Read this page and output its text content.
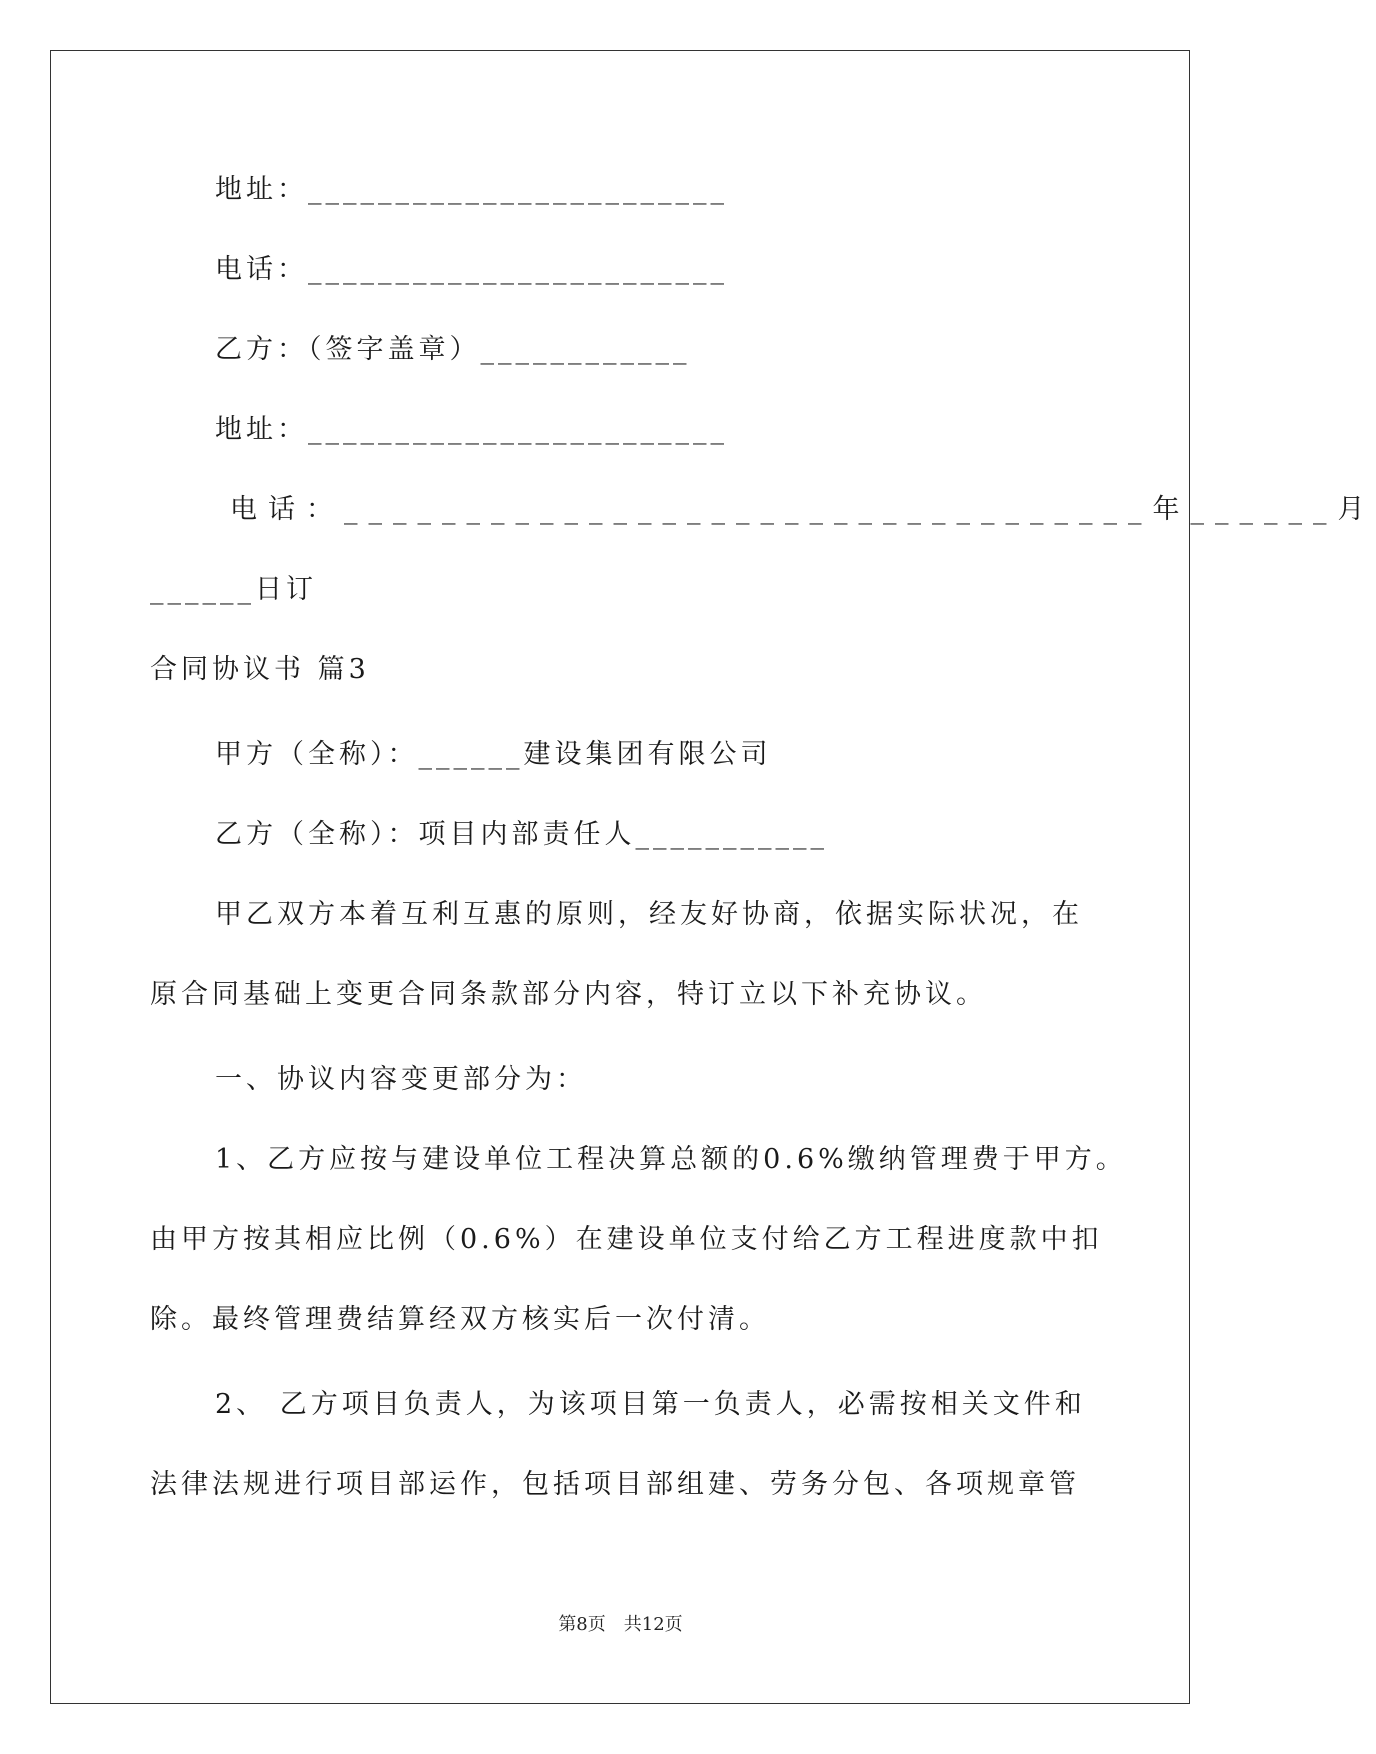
地址：________________________
电话：________________________
乙方：（签字盖章）____________
地址：________________________
电话：_________________________________年______月
______日订
合同协议书 篇3
甲方（全称）：______建设集团有限公司
乙方（全称）：项目内部责任人___________
甲乙双方本着互利互惠的原则，经友好协商，依据实际状况，在
原合同基础上变更合同条款部分内容，特订立以下补充协议。
一、协议内容变更部分为：
1、乙方应按与建设单位工程决算总额的0.6%缴纳管理费于甲方。
由甲方按其相应比例（0.6%）在建设单位支付给乙方工程进度款中扣
除。最终管理费结算经双方核实后一次付清。
2、 乙方项目负责人，为该项目第一负责人，必需按相关文件和
法律法规进行项目部运作，包括项目部组建、劳务分包、各项规章管
第8页　共12页
